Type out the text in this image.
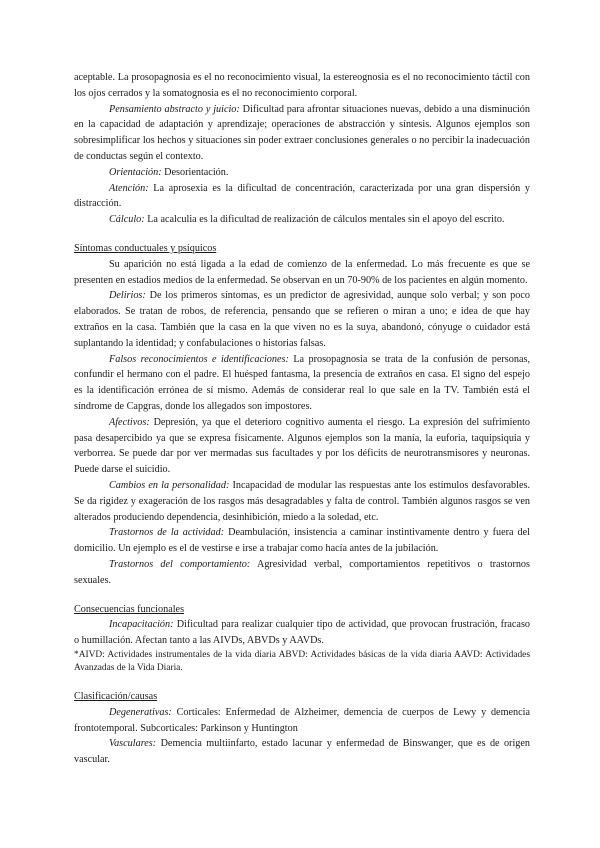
aceptable. La prosopagnosia es el no reconocimiento visual, la estereognosia es el no reconocimiento táctil con los ojos cerrados y la somatognosia es el no reconocimiento corporal.

Pensamiento abstracto y juicio: Dificultad para afrontar situaciones nuevas, debido a una disminución en la capacidad de adaptación y aprendizaje; operaciones de abstracción y síntesis. Algunos ejemplos son sobresimplificar los hechos y situaciones sin poder extraer conclusiones generales o no percibir la inadecuación de conductas según el contexto.

Orientación: Desorientación.

Atención: La aprosexia es la dificultad de concentración, caracterizada por una gran dispersión y distracción.

Cálculo: La acalculia es la dificultad de realización de cálculos mentales sin el apoyo del escrito.

Síntomas conductuales y psíquicos

Su aparición no está ligada a la edad de comienzo de la enfermedad. Lo más frecuente es que se presenten en estadios medios de la enfermedad. Se observan en un 70-90% de los pacientes en algún momento.

Delirios: De los primeros síntomas, es un predictor de agresividad, aunque solo verbal; y son poco elaborados. Se tratan de robos, de referencia, pensando que se refieren o miran a uno; e idea de que hay extraños en la casa. También que la casa en la que viven no es la suya, abandonó, cónyuge o cuidador está suplantando la identidad; y confabulaciones o historias falsas.

Falsos reconocimientos e identificaciones: La prosopagnosia se trata de la confusión de personas, confundir el hermano con el padre. El huésped fantasma, la presencia de extraños en casa. El signo del espejo es la identificación errónea de sí mismo. Además de considerar real lo que sale en la TV. También está el síndrome de Capgras, donde los allegados son impostores.

Afectivos: Depresión, ya que el deterioro cognitivo aumenta el riesgo. La expresión del sufrimiento pasa desapercibido ya que se expresa físicamente. Algunos ejemplos son la manía, la euforia, taquipsiquia y verborrea. Se puede dar por ver mermadas sus facultades y por los déficits de neurotransmisores y neuronas. Puede darse el suicidio.

Cambios en la personalidad: Incapacidad de modular las respuestas ante los estímulos desfavorables. Se da rigidez y exageración de los rasgos más desagradables y falta de control. También algunos rasgos se ven alterados produciendo dependencia, desinhibición, miedo a la soledad, etc.

Trastornos de la actividad: Deambulación, insistencia a caminar instintivamente dentro y fuera del domicilio. Un ejemplo es el de vestirse e irse a trabajar como hacía antes de la jubilación.

Trastornos del comportamiento: Agresividad verbal, comportamientos repetitivos o trastornos sexuales.

Consecuencias funcionales

Incapacitación: Dificultad para realizar cualquier tipo de actividad, que provocan frustración, fracaso o humillación. Afectan tanto a las AIVDs, ABVDs y AAVDs.

*AIVD: Actividades instrumentales de la vida diaria ABVD: Actividades básicas de la vida diaria AAVD: Actividades Avanzadas de la Vida Diaria.

Clasificación/causas

Degenerativas: Corticales: Enfermedad de Alzheimer, demencia de cuerpos de Lewy y demencia frontotemporal. Subcorticales: Parkinson y Huntington

Vasculares: Demencia multiinfarto, estado lacunar y enfermedad de Binswanger, que es de origen vascular.
